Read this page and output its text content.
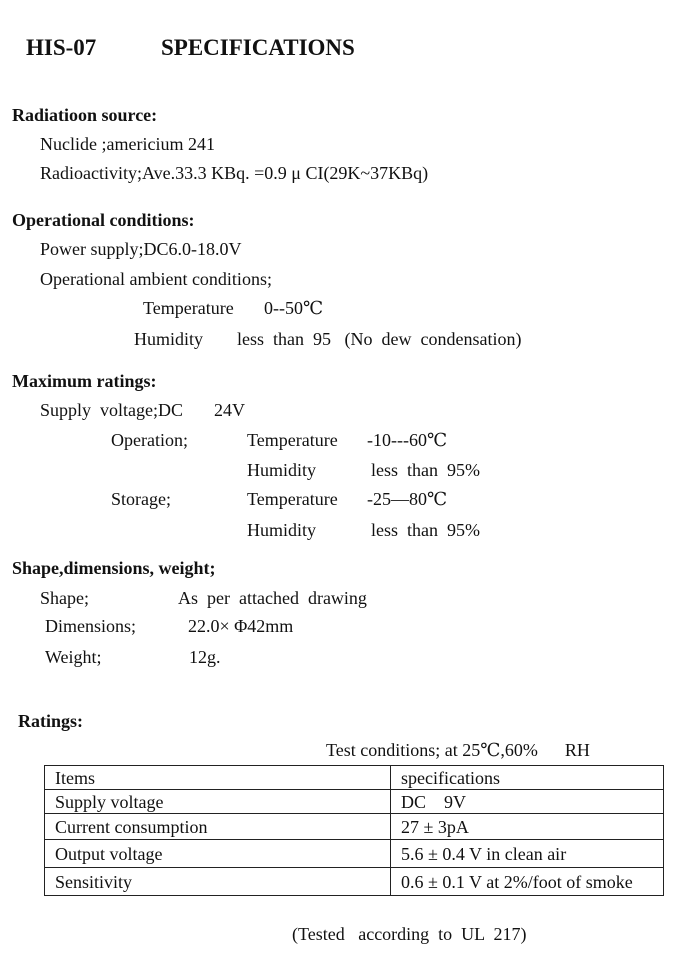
HIS-07	SPECIFICATIONS
Radiatioon source:
Nuclide ;americium 241
Radioactivity;Ave.33.3 KBq. =0.9 μ CI(29K~37KBq)
Operational conditions:
Power supply;DC6.0-18.0V
Operational ambient conditions;
Temperature 0--50℃
Humidity less  than  95   (No  dew  condensation)
Maximum ratings:
Supply  voltage;DC 24V
Operation;	Temperature -10---60℃
Humidity	less  than  95%
Storage;	Temperature -25—80℃
Humidity	less  than  95%
Shape,dimensions, weight;
Shape;	As  per  attached  drawing
Dimensions;	22.0× Φ42mm
Weight;	12g.
Ratings:
Test conditions; at 25℃,60%      RH
Items	specifications
Supply voltage	DC    9V
Current consumption	27 ± 3pA
Output voltage	5.6 ± 0.4 V in clean air
Sensitivity	0.6 ± 0.1 V at 2%/foot of smoke
(Tested   according  to  UL  217)
